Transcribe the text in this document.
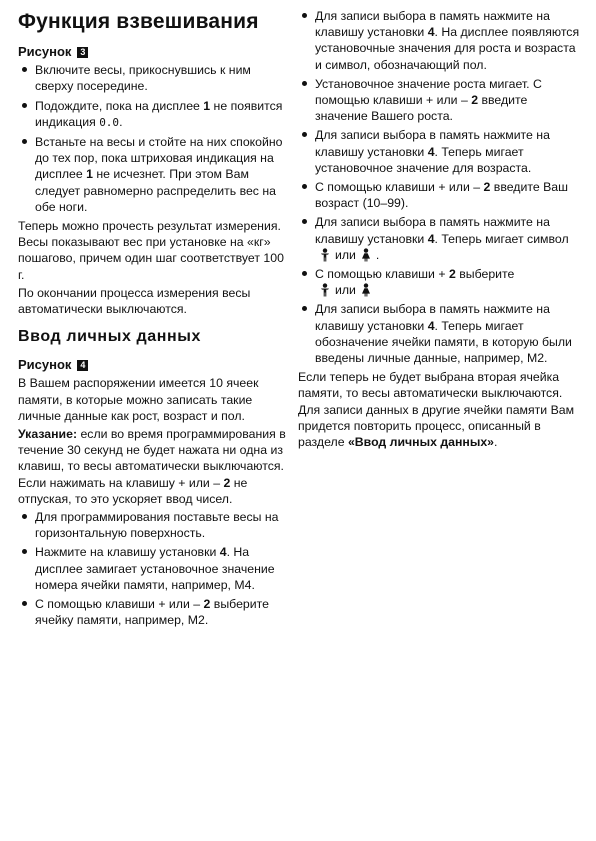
Функция взвешивания
Рисунок 3
Включите весы, прикоснувшись к ним сверху посередине.
Подождите, пока на дисплее 1 не появится индикация 0.0.
Встаньте на весы и стойте на них спокойно до тех пор, пока штриховая индикация на дисплее 1 не исчезнет. При этом Вам следует равномерно распределить вес на обе ноги.

Теперь можно прочесть результат измерения. Весы показывают вес при установке на «кг» пошагово, причем один шаг соответствует 100 г.

По окончании процесса измерения весы автоматически выключаются.

Ввод личных данных
Рисунок 4

В Вашем распоряжении имеется 10 ячеек памяти, в которые можно записать такие личные данные как рост, возраст и пол.

Указание: если во время программирования в течение 30 секунд не будет нажата ни одна из клавиш, то весы автоматически выключаются. Если нажимать на клавишу + или – 2 не отпуская, то это ускоряет ввод чисел.

Для программирования поставьте весы на горизонтальную поверхность.
Нажмите на клавишу установки 4. На дисплее замигает установочное значение номера ячейки памяти, например, М4.
С помощью клавиши + или – 2 выберите ячейку памяти, например, М2.
Для записи выбора в память нажмите на клавишу установки 4. На дисплее появляются установочные значения для роста и возраста и символ, обозначающий пол.
Установочное значение роста мигает. С помощью клавиши + или – 2 введите значение Вашего роста.
Для записи выбора в память нажмите на клавишу установки 4. Теперь мигает установочное значение для возраста.
С помощью клавиши + или – 2 введите Ваш возраст (10–99).
Для записи выбора в память нажмите на клавишу установки 4. Теперь мигает символили .
С помощью клавиши + 2 выберите
или
Для записи выбора в память нажмите на клавишу установки 4. Теперь мигает обозначение ячейки памяти, в которую были введены личные данные, например, М2.

Если теперь не будет выбрана вторая ячейка памяти, то весы автоматически выключаются. Для записи данных в другие ячейки памяти Вам придется повторить процесс, описанный в разделе «Ввод личных данных».
